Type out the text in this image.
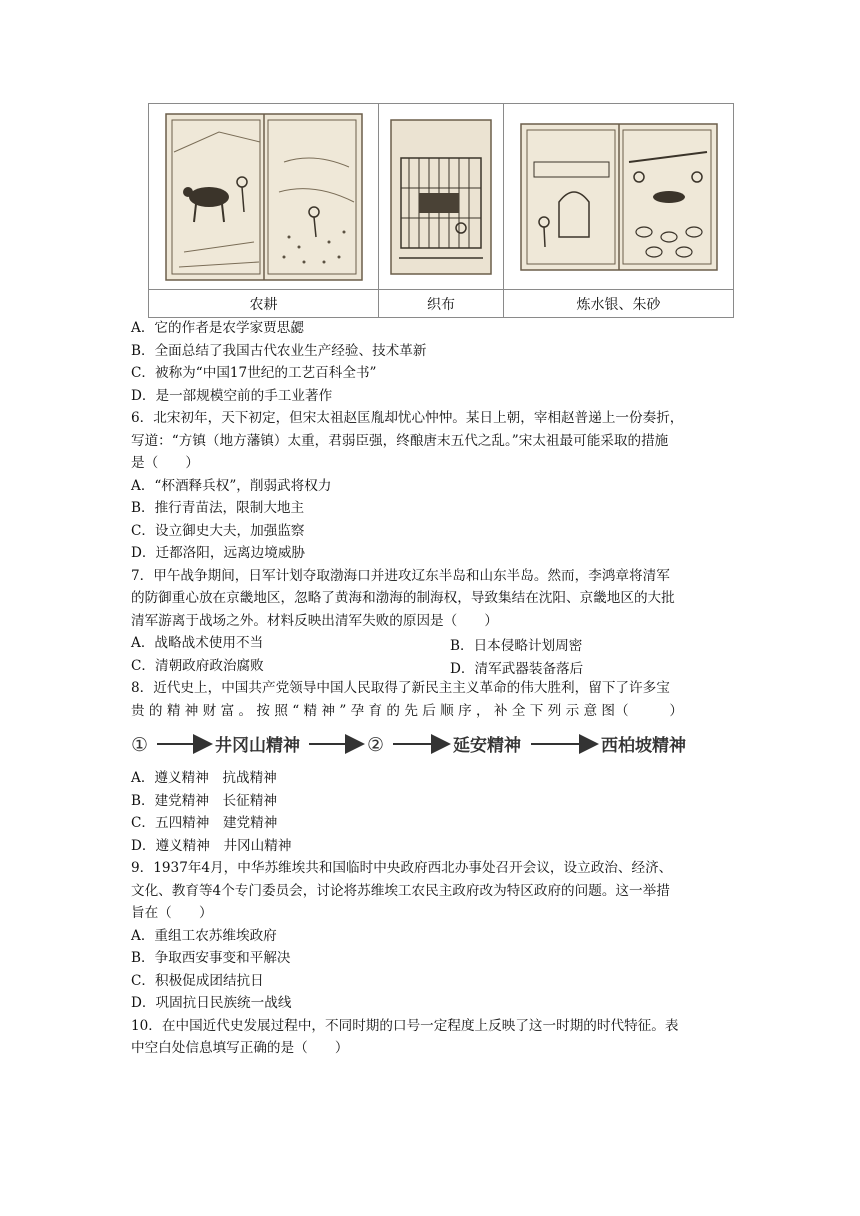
农耕	织布	炼水银、朱砂
A．它的作者是农学家贾思勰
B．全面总结了我国古代农业生产经验、技术革新
C．被称为“中国17世纪的工艺百科全书”
D．是一部规模空前的手工业著作
6．北宋初年，天下初定，但宋太祖赵匡胤却忧心忡忡。某日上朝，宰相赵普递上一份奏折，
写道：“方镇（地方藩镇）太重，君弱臣强，终酿唐末五代之乱。”宋太祖最可能采取的措施
是（　　）
A．“杯酒释兵权”，削弱武将权力
B．推行青苗法，限制大地主
C．设立御史大夫，加强监察
D．迁都洛阳，远离边境威胁
7．甲午战争期间，日军计划夺取渤海口并进攻辽东半岛和山东半岛。然而，李鸿章将清军
的防御重心放在京畿地区，忽略了黄海和渤海的制海权，导致集结在沈阳、京畿地区的大批
清军游离于战场之外。材料反映出清军失败的原因是（　　）
A．战略战术使用不当	B．日本侵略计划周密
C．清朝政府政治腐败	D．清军武器装备落后
8．近代史上，中国共产党领导中国人民取得了新民主主义革命的伟大胜利，留下了许多宝
贵 的 精 神 财 富 。 按 照 “ 精 神 ” 孕 育 的 先 后 顺 序 ， 补 全 下 列 示 意 图（　　　）
①	井冈山精神	②	延安精神	西柏坡精神
A．遵义精神　抗战精神
B．建党精神　长征精神
C．五四精神　建党精神
D．遵义精神　井冈山精神
9．1937年4月，中华苏维埃共和国临时中央政府西北办事处召开会议，设立政治、经济、
文化、教育等4个专门委员会，讨论将苏维埃工农民主政府改为特区政府的问题。这一举措
旨在（　　）
A．重组工农苏维埃政府
B．争取西安事变和平解决
C．积极促成团结抗日
D．巩固抗日民族统一战线
10．在中国近代史发展过程中，不同时期的口号一定程度上反映了这一时期的时代特征。表
中空白处信息填写正确的是（　　）
